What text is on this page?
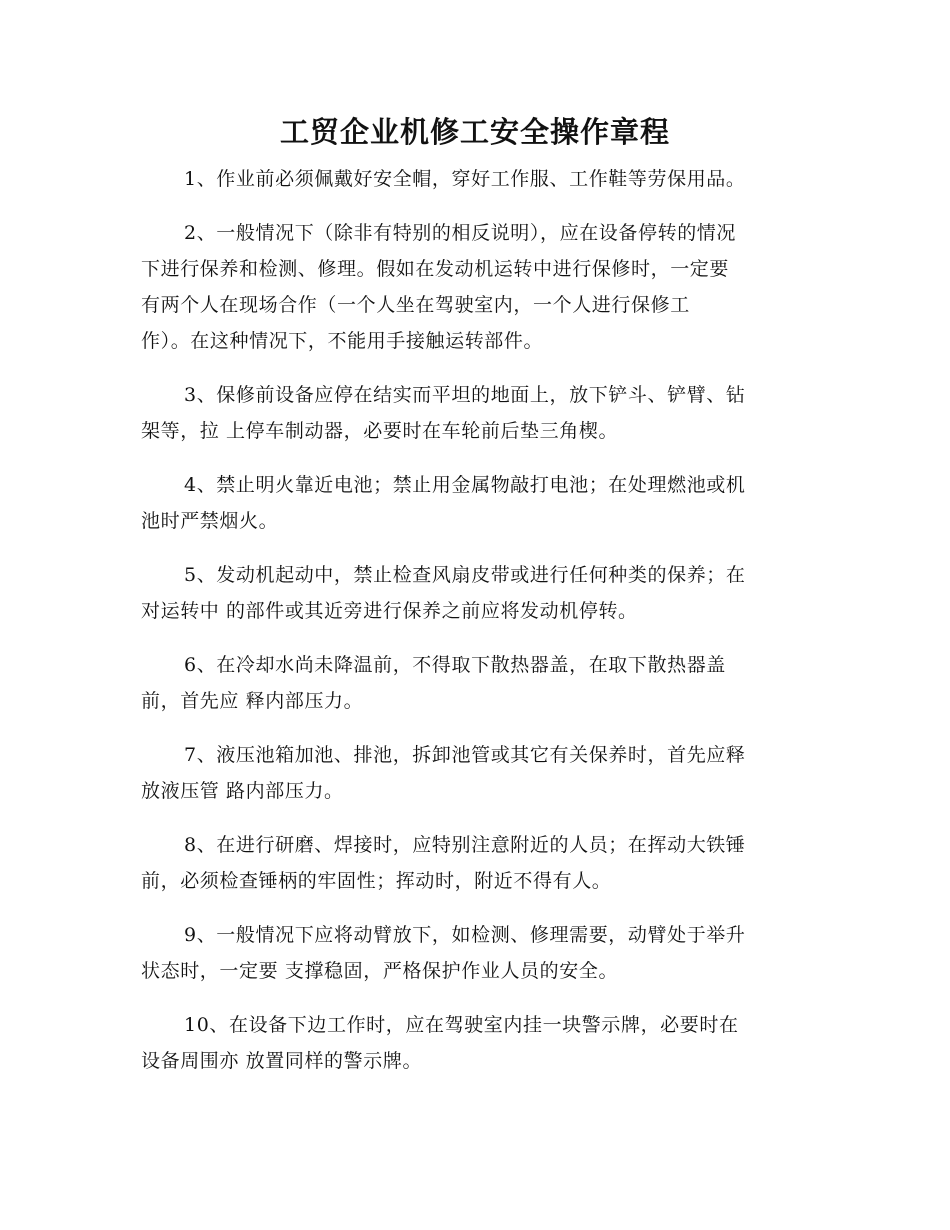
工贸企业机修工安全操作章程

1、作业前必须佩戴好安全帽，穿好工作服、工作鞋等劳保用品。

2、一般情况下（除非有特别的相反说明），应在设备停转的情况
下进行保养和检测、修理。假如在发动机运转中进行保修时，一定要
有两个人在现场合作（一个人坐在驾驶室内，一个人进行保修工
作）。在这种情况下，不能用手接触运转部件。

3、保修前设备应停在结实而平坦的地面上，放下铲斗、铲臂、钻
架等，拉 上停车制动器，必要时在车轮前后垫三角楔。

4、禁止明火靠近电池；禁止用金属物敲打电池；在处理燃池或机
池时严禁烟火。

5、发动机起动中，禁止检查风扇皮带或进行任何种类的保养；在
对运转中 的部件或其近旁进行保养之前应将发动机停转。

6、在冷却水尚未降温前，不得取下散热器盖，在取下散热器盖
前，首先应 释内部压力。

7、液压池箱加池、排池，拆卸池管或其它有关保养时，首先应释
放液压管 路内部压力。

8、在进行研磨、焊接时，应特别注意附近的人员；在挥动大铁锤
前，必须检查锤柄的牢固性；挥动时，附近不得有人。

9、一般情况下应将动臂放下，如检测、修理需要，动臂处于举升
状态时，一定要 支撑稳固，严格保护作业人员的安全。

10、在设备下边工作时，应在驾驶室内挂一块警示牌，必要时在
设备周围亦 放置同样的警示牌。
